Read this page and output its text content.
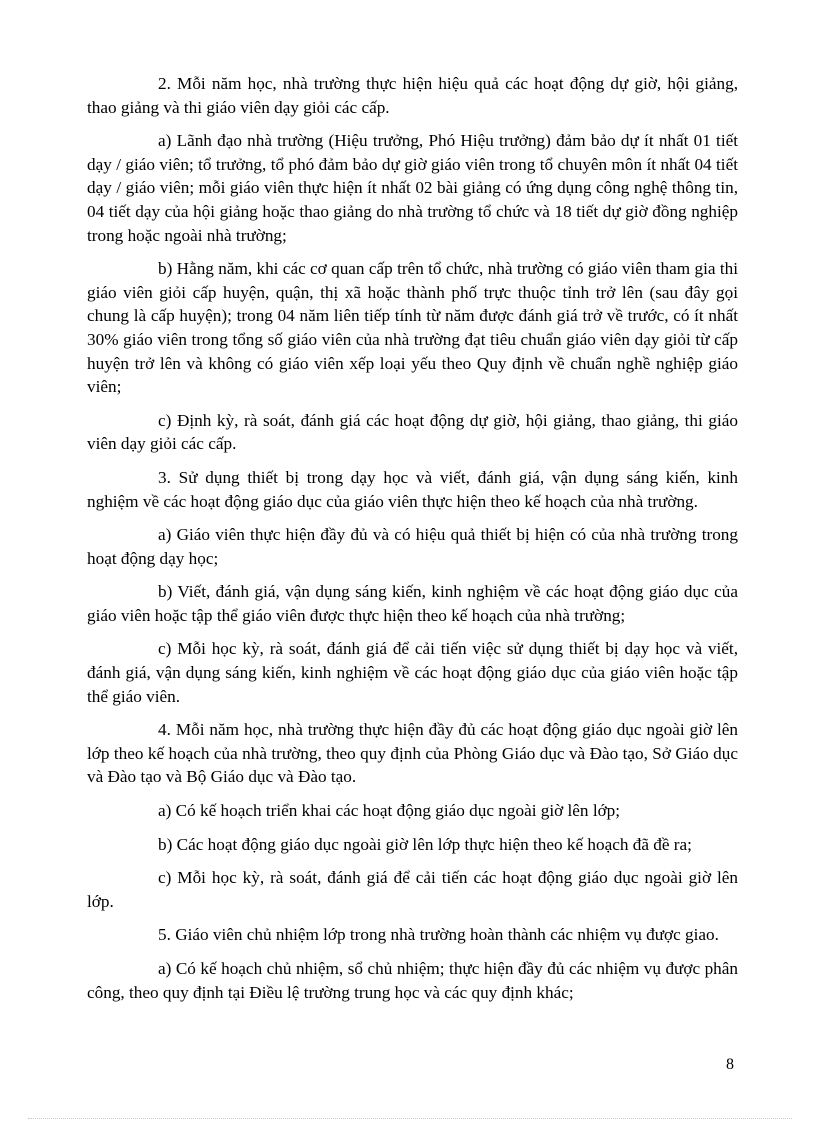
2. Mỗi năm học, nhà trường thực hiện hiệu quả các hoạt động dự giờ, hội giảng, thao giảng và thi giáo viên dạy giỏi các cấp.

a) Lãnh đạo nhà trường (Hiệu trưởng, Phó Hiệu trưởng) đảm bảo dự ít nhất 01 tiết dạy / giáo viên; tổ trưởng, tổ phó đảm bảo dự giờ giáo viên trong tổ chuyên môn ít nhất 04 tiết dạy / giáo viên; mỗi giáo viên thực hiện ít nhất 02 bài giảng có ứng dụng công nghệ thông tin, 04 tiết dạy của hội giảng hoặc thao giảng do nhà trường tổ chức và 18 tiết dự giờ đồng nghiệp trong hoặc ngoài nhà trường;

b) Hằng năm, khi các cơ quan cấp trên tổ chức, nhà trường có giáo viên tham gia thi giáo viên giỏi cấp huyện, quận, thị xã hoặc thành phố trực thuộc tỉnh trở lên (sau đây gọi chung là cấp huyện); trong 04 năm liên tiếp tính từ năm được đánh giá trở về trước, có ít nhất 30% giáo viên trong tổng số giáo viên của nhà trường đạt tiêu chuẩn giáo viên dạy giỏi từ cấp huyện trở lên và không có giáo viên xếp loại yếu theo Quy định về chuẩn nghề nghiệp giáo viên;

c) Định kỳ, rà soát, đánh giá các hoạt động dự giờ, hội giảng, thao giảng, thi giáo viên dạy giỏi các cấp.

3. Sử dụng thiết bị trong dạy học và viết, đánh giá, vận dụng sáng kiến, kinh nghiệm về các hoạt động giáo dục của giáo viên thực hiện theo kế hoạch của nhà trường.

a) Giáo viên thực hiện đầy đủ và có hiệu quả thiết bị hiện có của nhà trường trong hoạt động dạy học;

b) Viết, đánh giá, vận dụng sáng kiến, kinh nghiệm về các hoạt động giáo dục của giáo viên hoặc tập thể giáo viên được thực hiện theo kế hoạch của nhà trường;

c) Mỗi học kỳ, rà soát, đánh giá để cải tiến việc sử dụng thiết bị dạy học và viết, đánh giá, vận dụng sáng kiến, kinh nghiệm về các hoạt động giáo dục của giáo viên hoặc tập thể giáo viên.

4. Mỗi năm học, nhà trường thực hiện đầy đủ các hoạt động giáo dục ngoài giờ lên lớp theo kế hoạch của nhà trường, theo quy định của Phòng Giáo dục và Đào tạo, Sở Giáo dục và Đào tạo và Bộ Giáo dục và Đào tạo.

a) Có kế hoạch triển khai các hoạt động giáo dục ngoài giờ lên lớp;

b) Các hoạt động giáo dục ngoài giờ lên lớp thực hiện theo kế hoạch đã đề ra;

c) Mỗi học kỳ, rà soát, đánh giá để cải tiến các hoạt động giáo dục ngoài giờ lên lớp.

5. Giáo viên chủ nhiệm lớp trong nhà trường hoàn thành các nhiệm vụ được giao.

a) Có kế hoạch chủ nhiệm, sổ chủ nhiệm; thực hiện đầy đủ các nhiệm vụ được phân công, theo quy định tại Điều lệ trường trung học và các quy định khác;

8
